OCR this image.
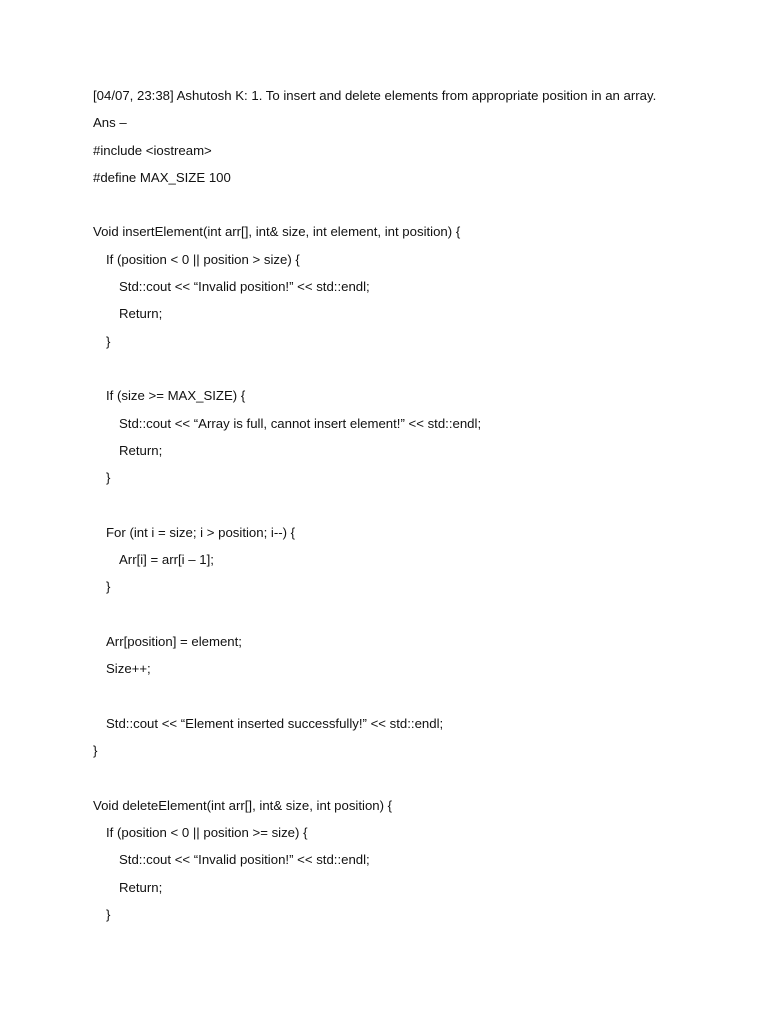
[04/07, 23:38] Ashutosh K: 1. To insert and delete elements from appropriate position in an array.
Ans –
#include <iostream>
#define MAX_SIZE 100
Void insertElement(int arr[], int& size, int element, int position) {
If (position < 0 || position > size) {
Std::cout << “Invalid position!” << std::endl;
Return;
}
If (size >= MAX_SIZE) {
Std::cout << “Array is full, cannot insert element!” << std::endl;
Return;
}
For (int i = size; i > position; i--) {
Arr[i] = arr[i – 1];
}
Arr[position] = element;
Size++;
Std::cout << “Element inserted successfully!” << std::endl;
}
Void deleteElement(int arr[], int& size, int position) {
If (position < 0 || position >= size) {
Std::cout << “Invalid position!” << std::endl;
Return;
}
